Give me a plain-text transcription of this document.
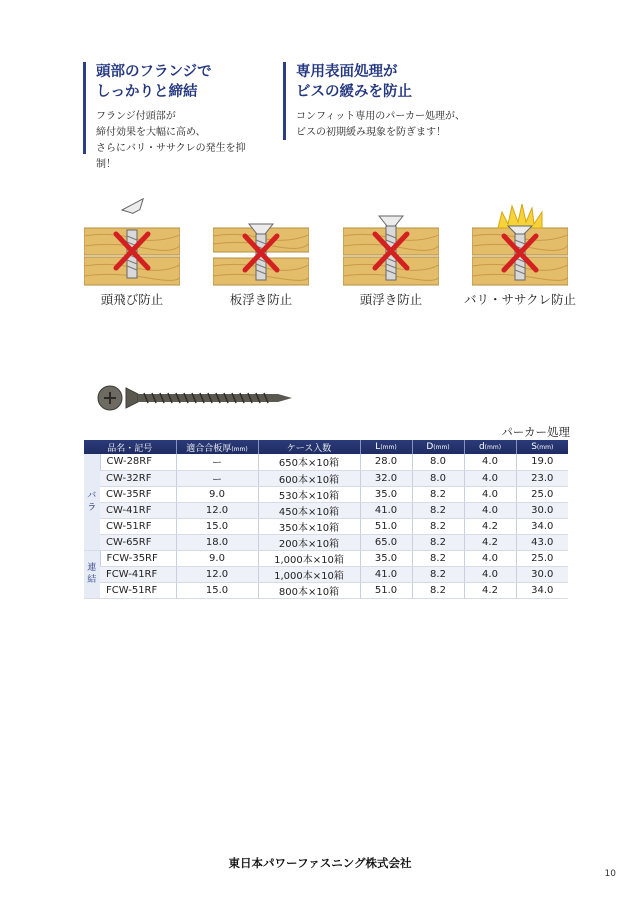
頭部のフランジで
しっかりと締結
フランジ付頭部が
締付効果を大幅に高め、
さらにバリ・ササクレの発生を抑制！
専用表面処理が
ビスの緩みを防止
コンフィット専用のパーカー処理が、
ビスの初期緩み現象を防ぎます！
頭飛び防止	板浮き防止	頭浮き防止	バリ・ササクレ防止
パーカー処理
品名・記号		適合合板厚(mm)	ケース入数	L(mm)	D(mm)	d(mm)	S(mm)
バ
ラ	CW-28RF	ー	650本×10箱	28.0	8.0	4.0	19.0
	CW-32RF	ー	600本×10箱	32.0	8.0	4.0	23.0
	CW-35RF	9.0	530本×10箱	35.0	8.2	4.0	25.0
	CW-41RF	12.0	450本×10箱	41.0	8.2	4.0	30.0
	CW-51RF	15.0	350本×10箱	51.0	8.2	4.2	34.0
	CW-65RF	18.0	200本×10箱	65.0	8.2	4.2	43.0
連
結	FCW-35RF	9.0	1,000本×10箱	35.0	8.2	4.0	25.0
	FCW-41RF	12.0	1,000本×10箱	41.0	8.2	4.0	30.0
	FCW-51RF	15.0	800本×10箱	51.0	8.2	4.2	34.0
東日本パワーファスニング株式会社
10
